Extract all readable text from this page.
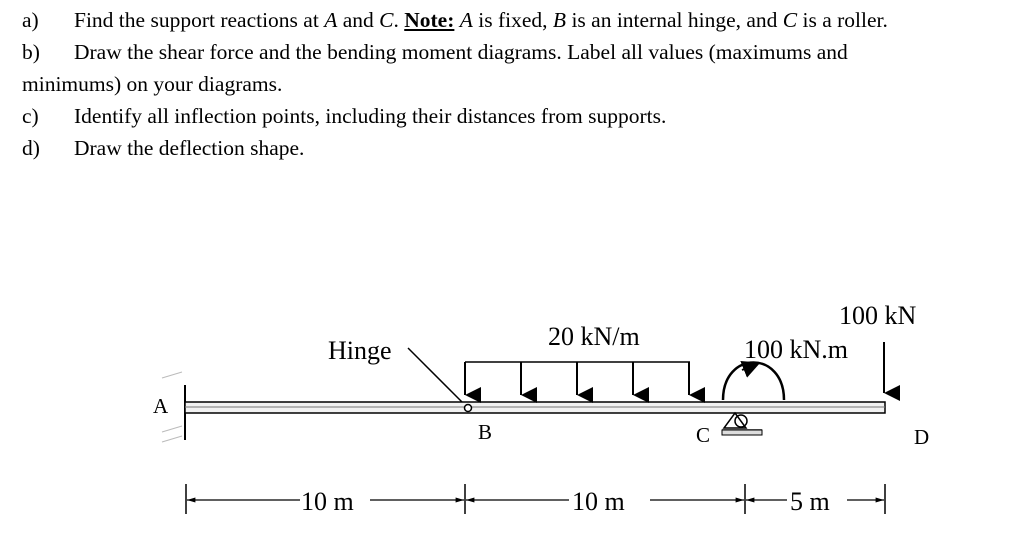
a)	Find the support reactions at A and C. Note: A is fixed, B is an internal hinge, and C is a roller.
b)	Draw the shear force and the bending moment diagrams. Label all values (maximums and
minimums) on your diagrams.
c)	Identify all inflection points, including their distances from supports.
d)	Draw the deflection shape.
Hinge
B
20 kN/m
C
100 kN.m
100 kN
D
A
10 m	10 m	5 m
